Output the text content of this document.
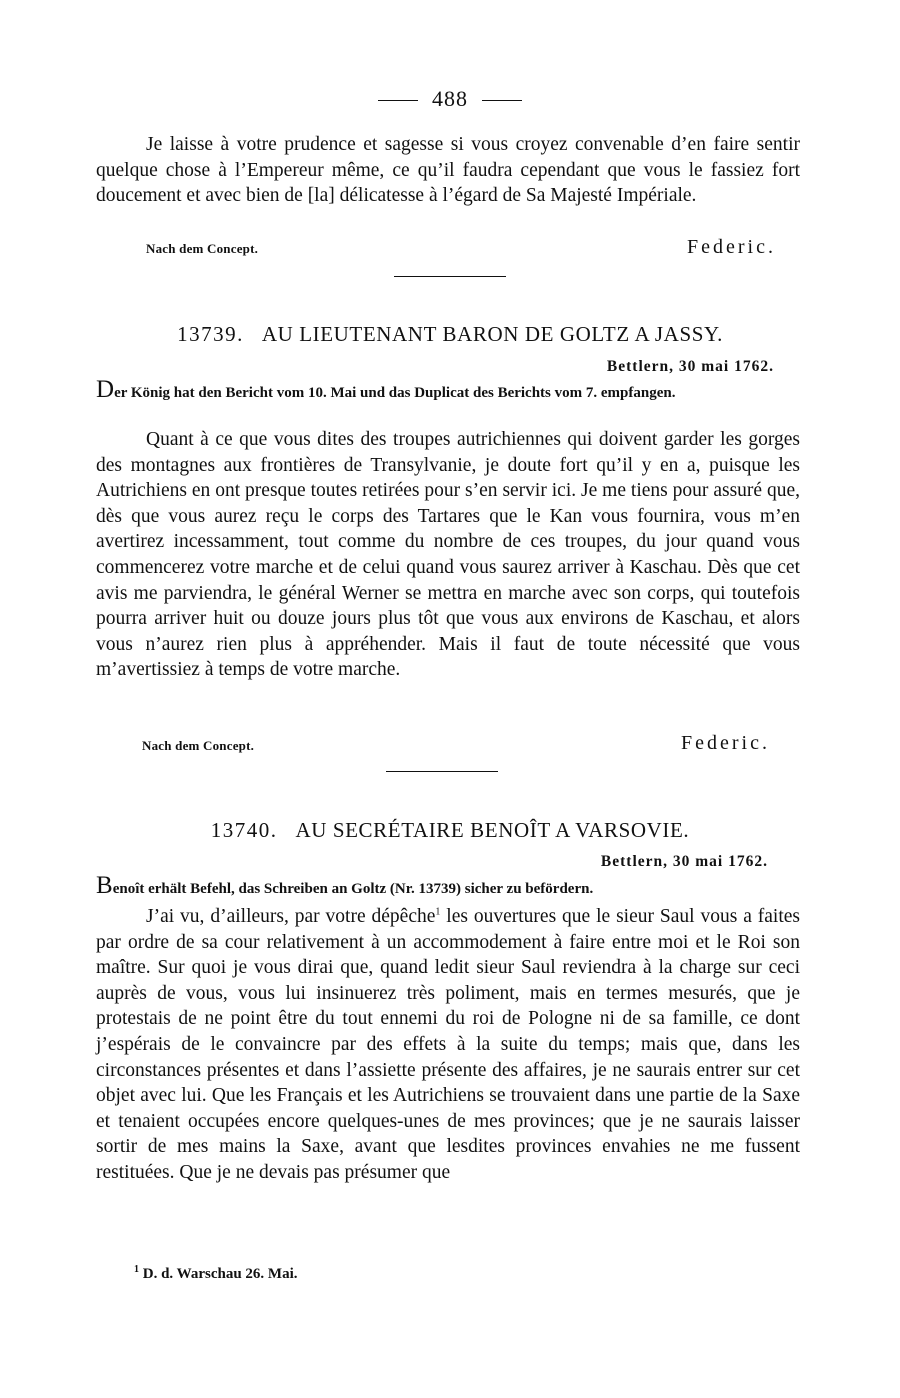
488

Je laisse à votre prudence et sagesse si vous croyez convenable d’en faire sentir quelque chose à l’Empereur même, ce qu’il faudra cependant que vous le fassiez fort doucement et avec bien de [la] délicatesse à l’égard de Sa Majesté Impériale.

Nach dem Concept.	Federic.
13739. AU LIEUTENANT BARON DE GOLTZ A JASSY.
Bettlern, 30 mai 1762.

Der König hat den Bericht vom 10. Mai und das Duplicat des Berichts vom 7. empfangen.

Quant à ce que vous dites des troupes autrichiennes qui doivent garder les gorges des montagnes aux frontières de Transylvanie, je doute fort qu’il y en a, puisque les Autrichiens en ont presque toutes retirées pour s’en servir ici. Je me tiens pour assuré que, dès que vous aurez reçu le corps des Tartares que le Kan vous fournira, vous m’en avertirez incessamment, tout comme du nombre de ces troupes, du jour quand vous commencerez votre marche et de celui quand vous saurez arriver à Kaschau. Dès que cet avis me parviendra, le général Werner se mettra en marche avec son corps, qui toutefois pourra arriver huit ou douze jours plus tôt que vous aux environs de Kaschau, et alors vous n’aurez rien plus à appréhender. Mais il faut de toute nécessité que vous m’avertissiez à temps de votre marche.

Nach dem Concept.	Federic.
13740. AU SECRÉTAIRE BENOÎT A VARSOVIE.
Bettlern, 30 mai 1762.

Benoît erhält Befehl, das Schreiben an Goltz (Nr. 13739) sicher zu befördern.

J’ai vu, d’ailleurs, par votre dépêche$^1$ les ouvertures que le sieur Saul vous a faites par ordre de sa cour relativement à un accommodement à faire entre moi et le Roi son maître. Sur quoi je vous dirai que, quand ledit sieur Saul reviendra à la charge sur ceci auprès de vous, vous lui insinuerez très poliment, mais en termes mesurés, que je protestais de ne point être du tout ennemi du roi de Pologne ni de sa famille, ce dont j’espérais de le convaincre par des effets à la suite du temps; mais que, dans les circonstances présentes et dans l’assiette présente des affaires, je ne saurais entrer sur cet objet avec lui. Que les Français et les Autrichiens se trouvaient dans une partie de la Saxe et tenaient occupées encore quelques-unes de mes provinces; que je ne saurais laisser sortir de mes mains la Saxe, avant que lesdites provinces envahies ne me fussent restituées. Que je ne devais pas présumer que

$^1$ D. d. Warschau 26. Mai.
